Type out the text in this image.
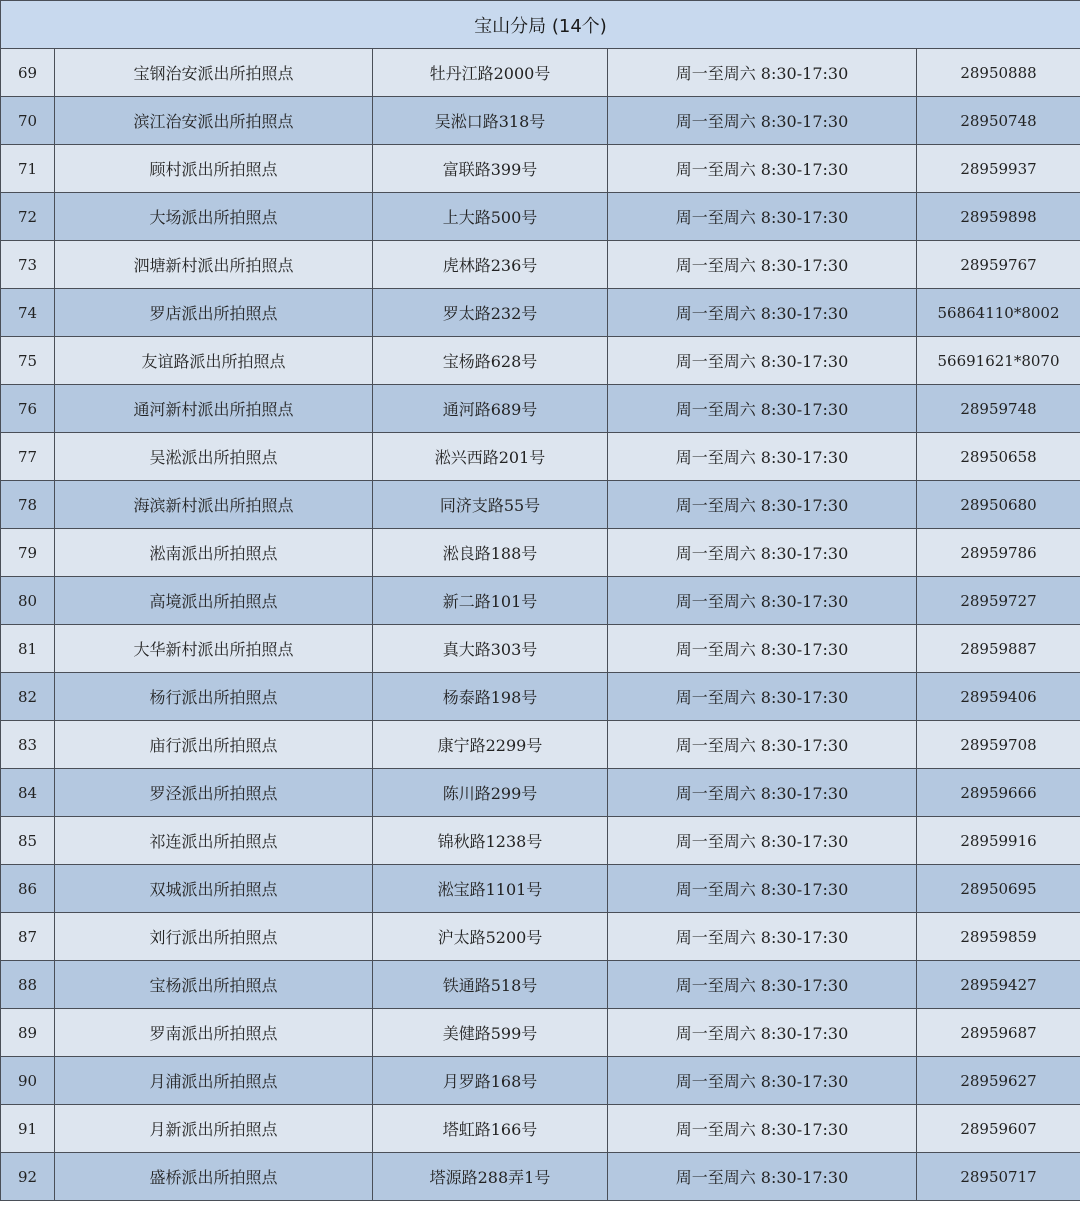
宝山分局 (14个)				
69	宝钢治安派出所拍照点	牡丹江路2000号	周一至周六 8:30-17:30	28950888
70	滨江治安派出所拍照点	吴淞口路318号	周一至周六 8:30-17:30	28950748
71	顾村派出所拍照点	富联路399号	周一至周六 8:30-17:30	28959937
72	大场派出所拍照点	上大路500号	周一至周六 8:30-17:30	28959898
73	泗塘新村派出所拍照点	虎林路236号	周一至周六 8:30-17:30	28959767
74	罗店派出所拍照点	罗太路232号	周一至周六 8:30-17:30	56864110*8002
75	友谊路派出所拍照点	宝杨路628号	周一至周六 8:30-17:30	56691621*8070
76	通河新村派出所拍照点	通河路689号	周一至周六 8:30-17:30	28959748
77	吴淞派出所拍照点	淞兴西路201号	周一至周六 8:30-17:30	28950658
78	海滨新村派出所拍照点	同济支路55号	周一至周六 8:30-17:30	28950680
79	淞南派出所拍照点	淞良路188号	周一至周六 8:30-17:30	28959786
80	高境派出所拍照点	新二路101号	周一至周六 8:30-17:30	28959727
81	大华新村派出所拍照点	真大路303号	周一至周六 8:30-17:30	28959887
82	杨行派出所拍照点	杨泰路198号	周一至周六 8:30-17:30	28959406
83	庙行派出所拍照点	康宁路2299号	周一至周六 8:30-17:30	28959708
84	罗泾派出所拍照点	陈川路299号	周一至周六 8:30-17:30	28959666
85	祁连派出所拍照点	锦秋路1238号	周一至周六 8:30-17:30	28959916
86	双城派出所拍照点	淞宝路1101号	周一至周六 8:30-17:30	28950695
87	刘行派出所拍照点	沪太路5200号	周一至周六 8:30-17:30	28959859
88	宝杨派出所拍照点	铁通路518号	周一至周六 8:30-17:30	28959427
89	罗南派出所拍照点	美健路599号	周一至周六 8:30-17:30	28959687
90	月浦派出所拍照点	月罗路168号	周一至周六 8:30-17:30	28959627
91	月新派出所拍照点	塔虹路166号	周一至周六 8:30-17:30	28959607
92	盛桥派出所拍照点	塔源路288弄1号	周一至周六 8:30-17:30	28950717
